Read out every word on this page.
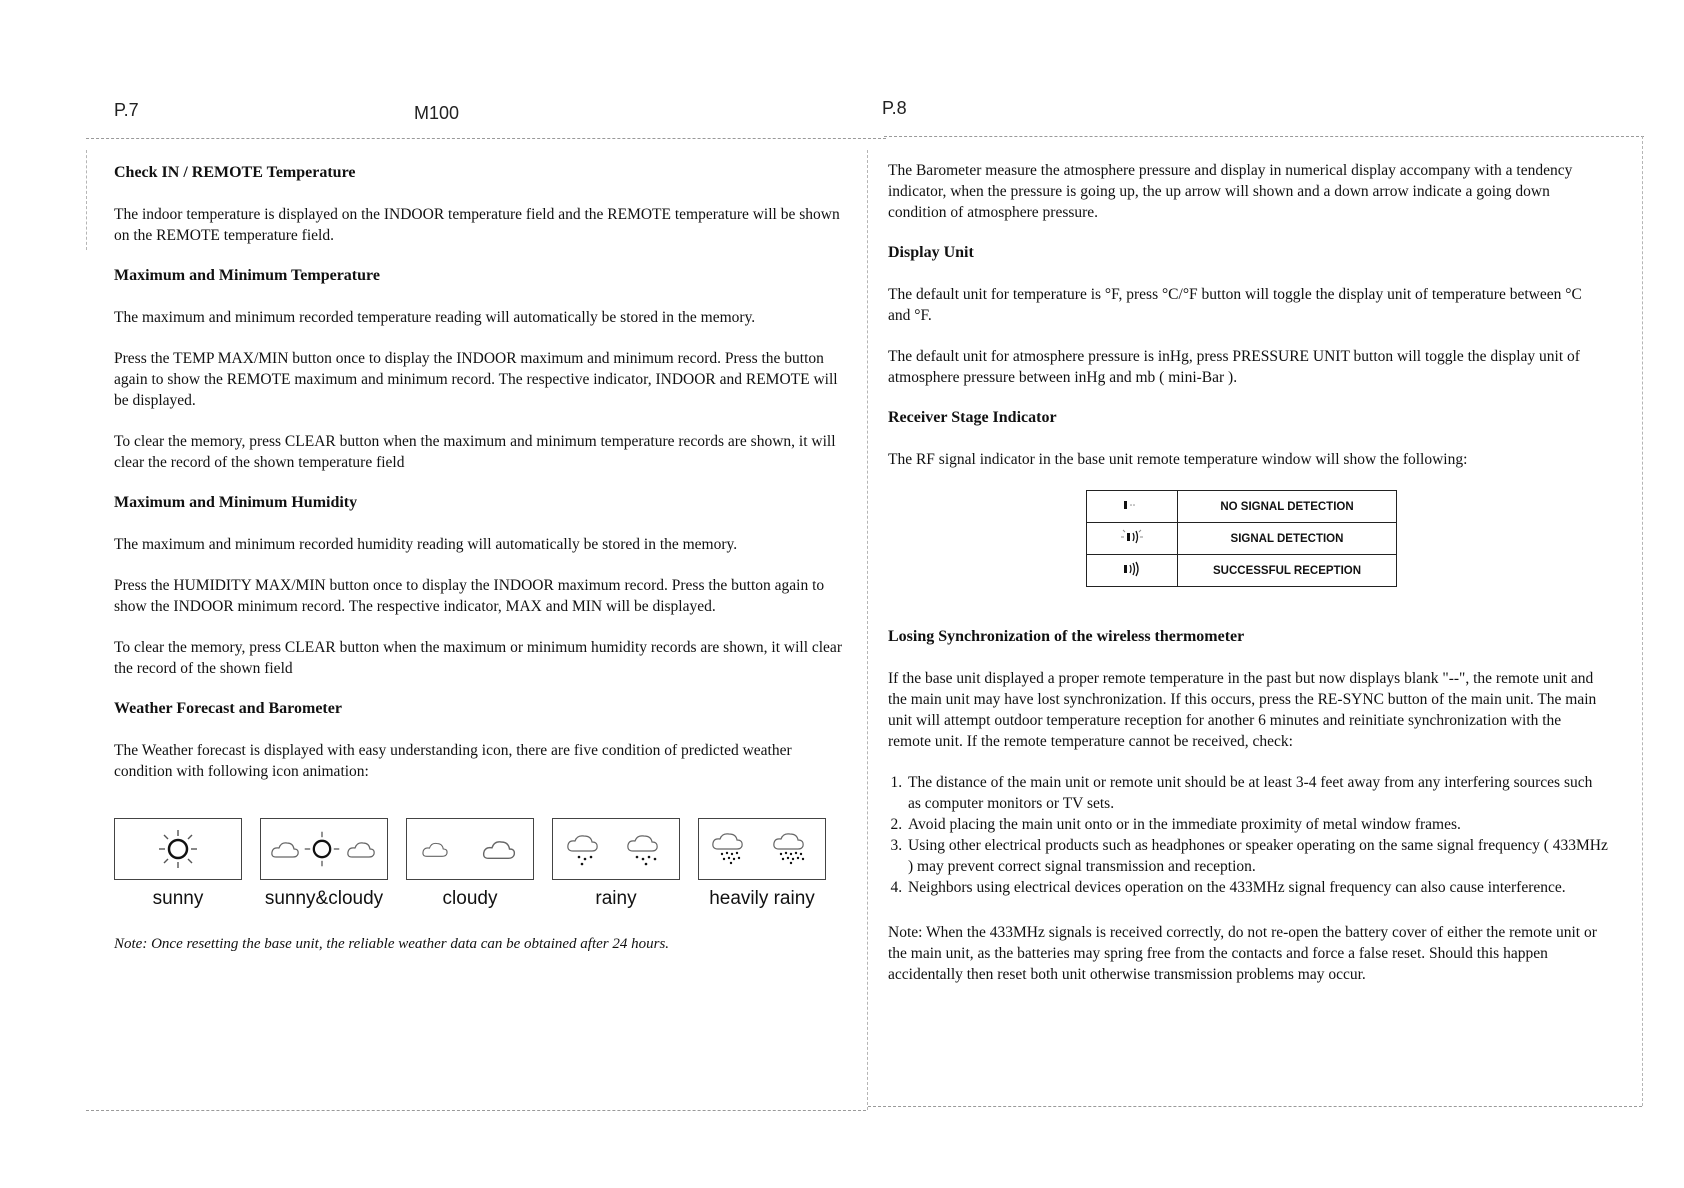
P.7	M100	P.8
Check IN / REMOTE Temperature

The indoor temperature is displayed on the INDOOR temperature field and the REMOTE temperature will be shown on the REMOTE temperature field.

Maximum and Minimum Temperature

The maximum and minimum recorded temperature reading will automatically be stored in the memory.

Press the TEMP MAX/MIN button once to display the INDOOR maximum and minimum record. Press the button again to show the REMOTE maximum and minimum record. The respective indicator, INDOOR and REMOTE will be displayed.

To clear the memory, press CLEAR button when the maximum and minimum temperature records are shown, it will clear the record of the shown temperature field

Maximum and Minimum Humidity

The maximum and minimum recorded humidity reading will automatically be stored in the memory.

Press the HUMIDITY MAX/MIN button once to display the INDOOR maximum record. Press the button again to show the INDOOR minimum record. The respective indicator, MAX and MIN will be displayed.

To clear the memory, press CLEAR button when the maximum or minimum humidity records are shown, it will clear the record of the shown field

Weather Forecast and Barometer

The Weather forecast is displayed with easy understanding icon, there are five condition of predicted weather condition with following icon animation:

sunny	sunny&cloudy	cloudy	rainy	heavily rainy

Note: Once resetting the base unit, the reliable weather data can be obtained after 24 hours.

The Barometer measure the atmosphere pressure and display in numerical display accompany with a tendency indicator, when the pressure is going up, the up arrow will shown and a down arrow indicate a going down condition of atmosphere pressure.

Display Unit

The default unit for temperature is °F, press °C/°F button will toggle the display unit of temperature between °C and °F.

The default unit for atmosphere pressure is inHg, press PRESSURE UNIT button will toggle the display unit of atmosphere pressure between inHg and mb ( mini-Bar ).

Receiver Stage Indicator

The RF signal indicator in the base unit remote temperature window will show the following:

	NO SIGNAL DETECTION
	SIGNAL DETECTION
	SUCCESSFUL RECEPTION
Losing Synchronization of the wireless thermometer

If the base unit displayed a proper remote temperature in the past but now displays blank "--", the remote unit and the main unit may have lost synchronization. If this occurs, press the RE-SYNC button of the main unit. The main unit will attempt outdoor temperature reception for another 6 minutes and reinitiate synchronization with the remote unit. If the remote temperature cannot be received, check:

1. The distance of the main unit or remote unit should be at least 3-4 feet away from any interfering sources such as computer monitors or TV sets.
2. Avoid placing the main unit onto or in the immediate proximity of metal window frames.
3. Using other electrical products such as headphones or speaker operating on the same signal frequency ( 433MHz ) may prevent correct signal transmission and reception.
4. Neighbors using electrical devices operation on the 433MHz signal frequency can also cause interference.

Note: When the 433MHz signals is received correctly, do not re-open the battery cover of either the remote unit or the main unit, as the batteries may spring free from the contacts and force a false reset. Should this happen accidentally then reset both unit otherwise transmission problems may occur.
